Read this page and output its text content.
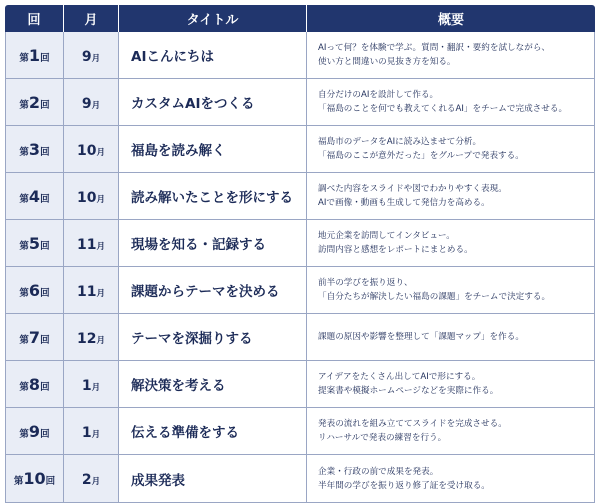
回	月	タイトル	概要
第1回	9月	AIこんにちは	AIって何？を体験で学ぶ。質問・翻訳・要約を試しながら、
使い方と間違いの見抜き方を知る。

第2回	9月	カスタムAIをつくる	自分だけのAIを設計して作る。
「福島のことを何でも教えてくれるAI」をチームで完成させる。

第3回	10月	福島を読み解く	福島市のデータをAIに読み込ませて分析。
「福島のここが意外だった」をグループで発表する。

第4回	10月	読み解いたことを形にする	調べた内容をスライドや図でわかりやすく表現。
AIで画像・動画も生成して発信力を高める。

第5回	11月	現場を知る・記録する	地元企業を訪問してインタビュー。
訪問内容と感想をレポートにまとめる。

第6回	11月	課題からテーマを決める	前半の学びを振り返り、
「自分たちが解決したい福島の課題」をチームで決定する。

第7回	12月	テーマを深掘りする	課題の原因や影響を整理して「課題マップ」を作る。

第8回	1月	解決策を考える	アイデアをたくさん出してAIで形にする。
提案書や模擬ホームページなどを実際に作る。

第9回	1月	伝える準備をする	発表の流れを組み立ててスライドを完成させる。
リハーサルで発表の練習を行う。

第10回	2月	成果発表	企業・行政の前で成果を発表。
半年間の学びを振り返り修了証を受け取る。
